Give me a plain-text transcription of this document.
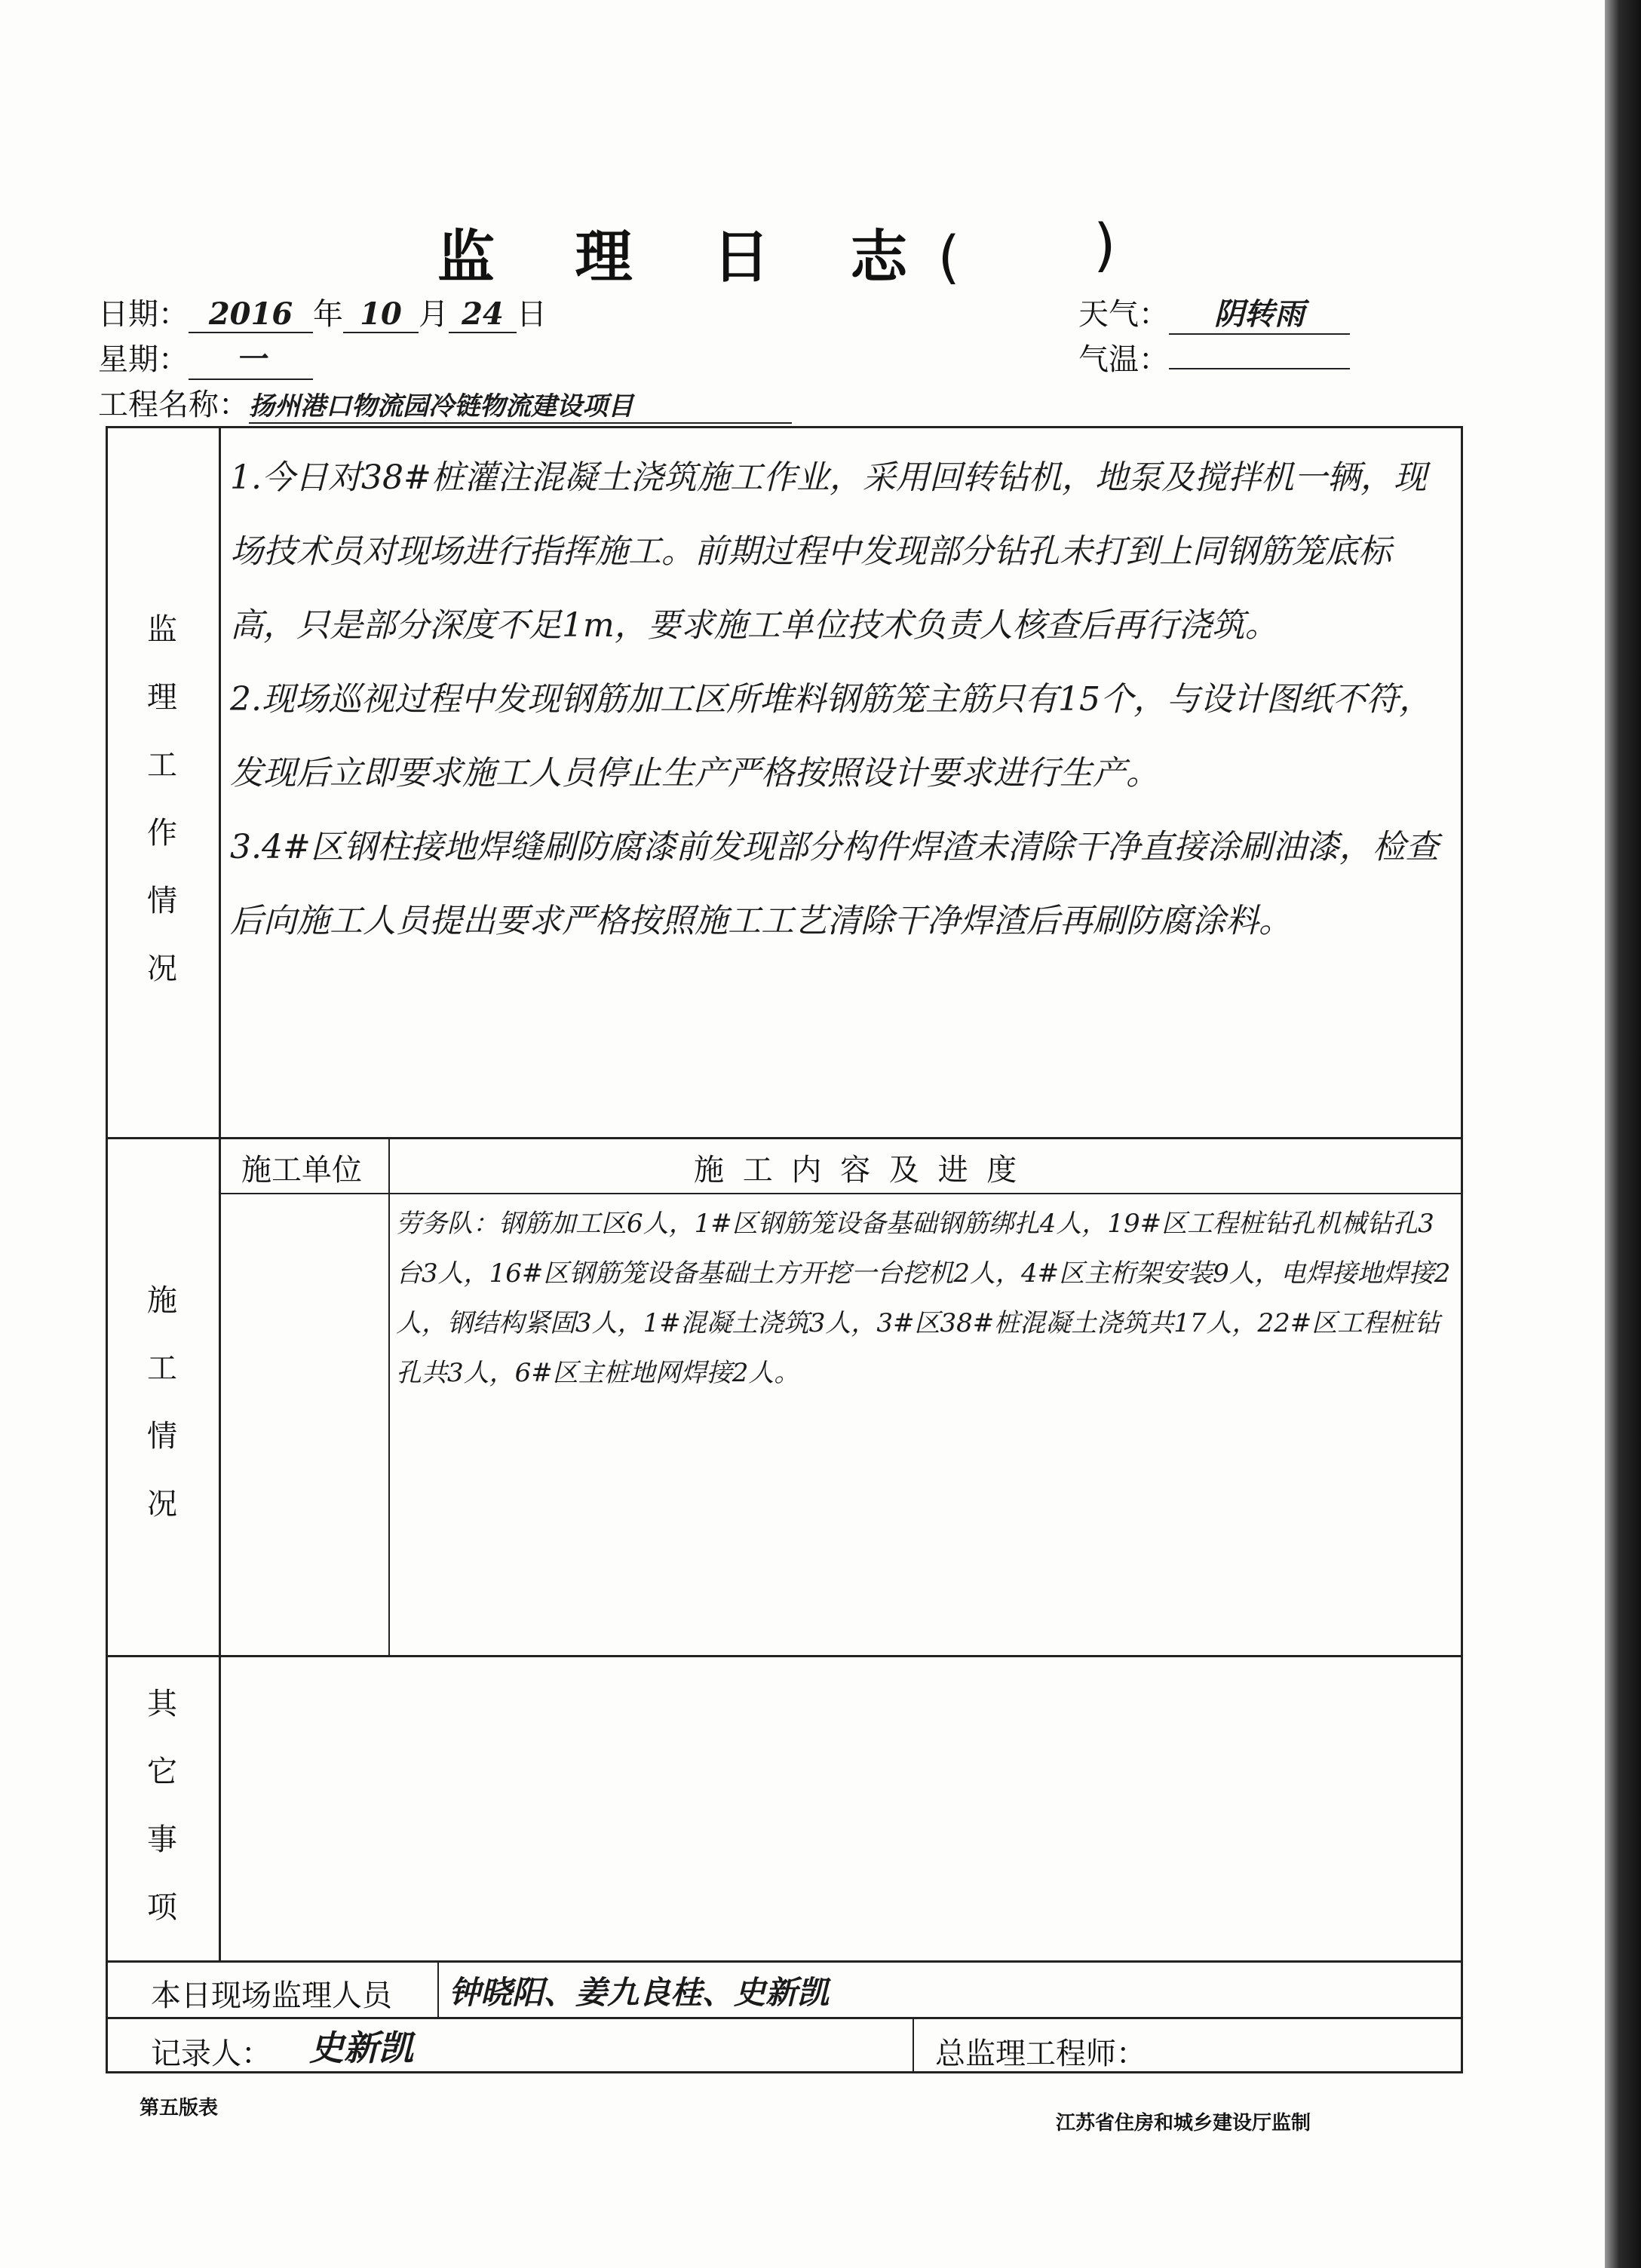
监 理 日 志( )
日期： 2016 年 10 月 24 日
星期： 一
工程名称：扬州港口物流园冷链物流建设项目
天气： 阴转雨
气温：
监
理
工
作
情
况
施
工
情
况
其
它
事
项
1.今日对38#桩灌注混凝土浇筑施工作业，采用回转钻机，地泵及搅拌机一辆，现场技术员对现场进行指挥施工。前期过程中发现部分钻孔未打到上同钢筋笼底标高，只是部分深度不足1m，要求施工单位技术负责人核查后再行浇筑。
2.现场巡视过程中发现钢筋加工区所堆料钢筋笼主筋只有15个，与设计图纸不符，发现后立即要求施工人员停止生产严格按照设计要求进行生产。
3.4#区钢柱接地焊缝刷防腐漆前发现部分构件焊渣未清除干净直接涂刷油漆，检查后向施工人员提出要求严格按照施工工艺清除干净焊渣后再刷防腐涂料。
施工单位	施 工 内 容 及 进 度
劳务队：钢筋加工区6人，1#区钢筋笼设备基础钢筋绑扎4人，19#区工程桩钻孔机械钻孔3台3人，16#区钢筋笼设备基础土方开挖一台挖机2人，4#区主桁架安装9人，电焊接地焊接2人，钢结构紧固3人，1#混凝土浇筑3人，3#区38#桩混凝土浇筑共17人，22#区工程桩钻孔共3人，6#区主桩地网焊接2人。
本日现场监理人员 钟晓阳、姜九良桂、史新凯
记录人： 史新凯	总监理工程师：
第五版表
江苏省住房和城乡建设厅监制
